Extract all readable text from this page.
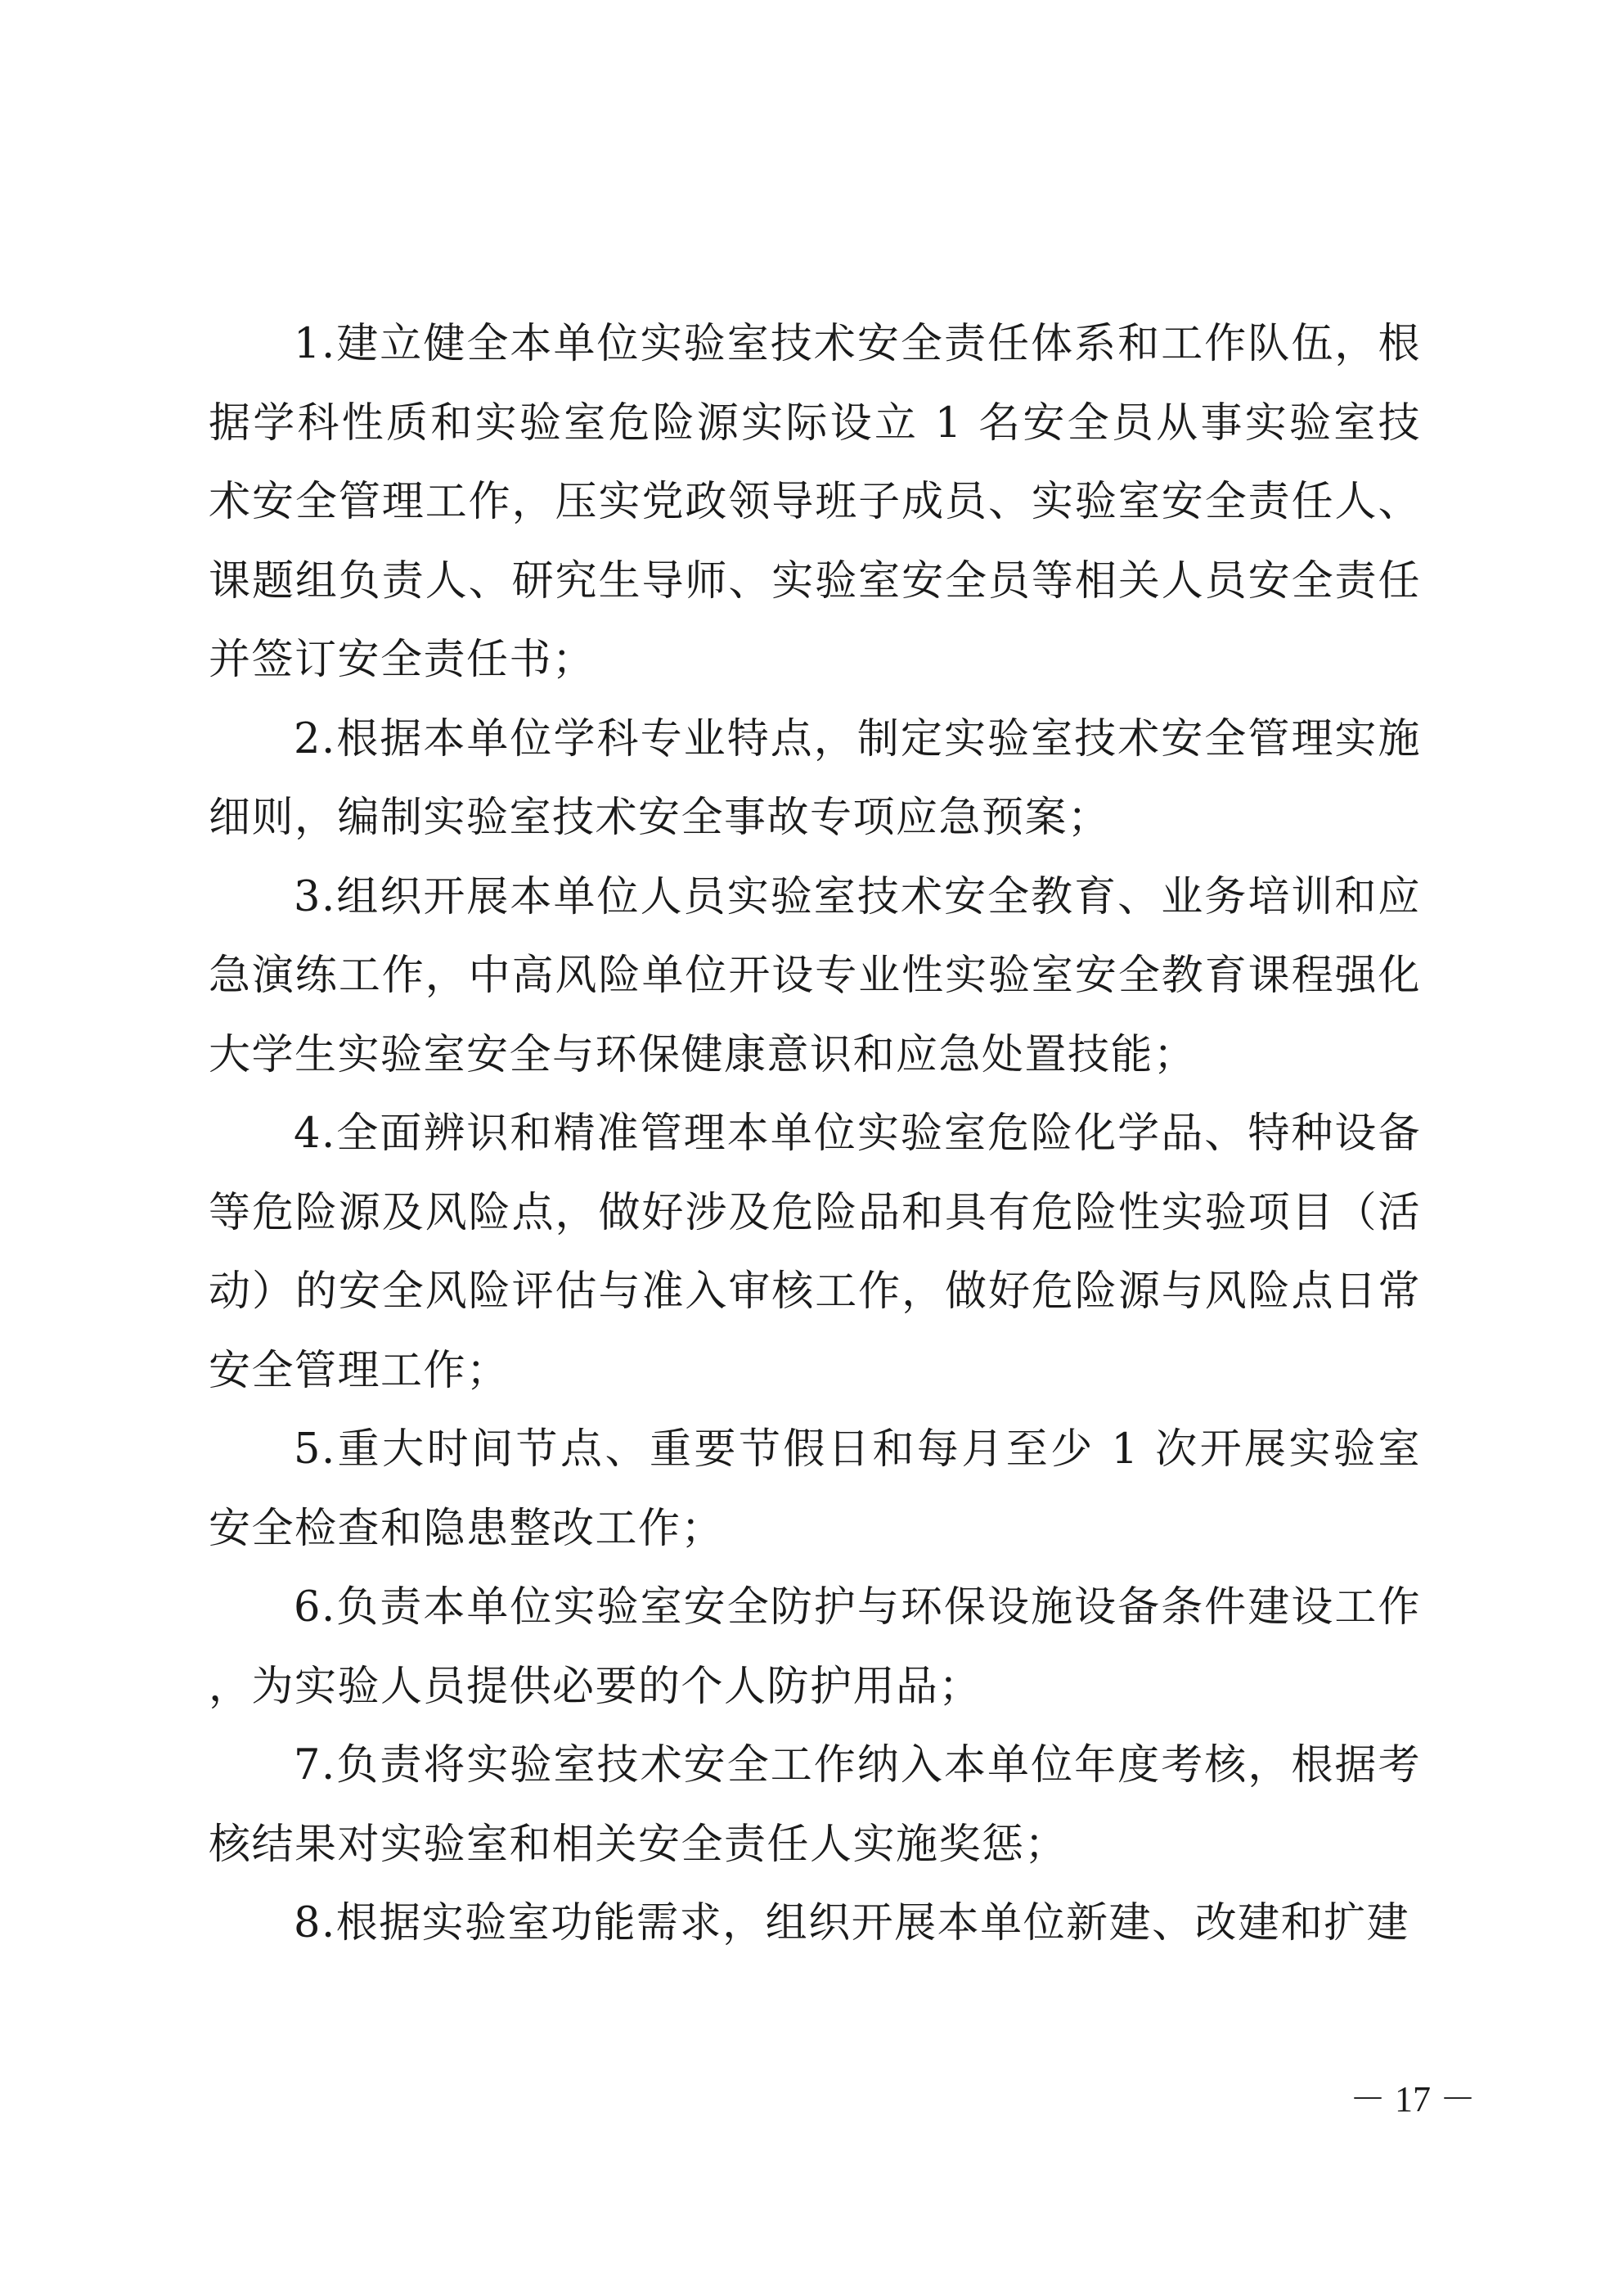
1.建立健全本单位实验室技术安全责任体系和工作队伍，根据学科性质和实验室危险源实际设立 1 名安全员从事实验室技术安全管理工作，压实党政领导班子成员、实验室安全责任人、课题组负责人、研究生导师、实验室安全员等相关人员安全责任并签订安全责任书；

2.根据本单位学科专业特点，制定实验室技术安全管理实施细则，编制实验室技术安全事故专项应急预案；

3.组织开展本单位人员实验室技术安全教育、业务培训和应急演练工作，中高风险单位开设专业性实验室安全教育课程强化大学生实验室安全与环保健康意识和应急处置技能；

4.全面辨识和精准管理本单位实验室危险化学品、特种设备等危险源及风险点，做好涉及危险品和具有危险性实验项目（活动）的安全风险评估与准入审核工作，做好危险源与风险点日常安全管理工作；

5.重大时间节点、重要节假日和每月至少 1 次开展实验室安全检查和隐患整改工作；

6.负责本单位实验室安全防护与环保设施设备条件建设工作，为实验人员提供必要的个人防护用品；

7.负责将实验室技术安全工作纳入本单位年度考核，根据考核结果对实验室和相关安全责任人实施奖惩；

8.根据实验室功能需求，组织开展本单位新建、改建和扩建

－ 17 －
